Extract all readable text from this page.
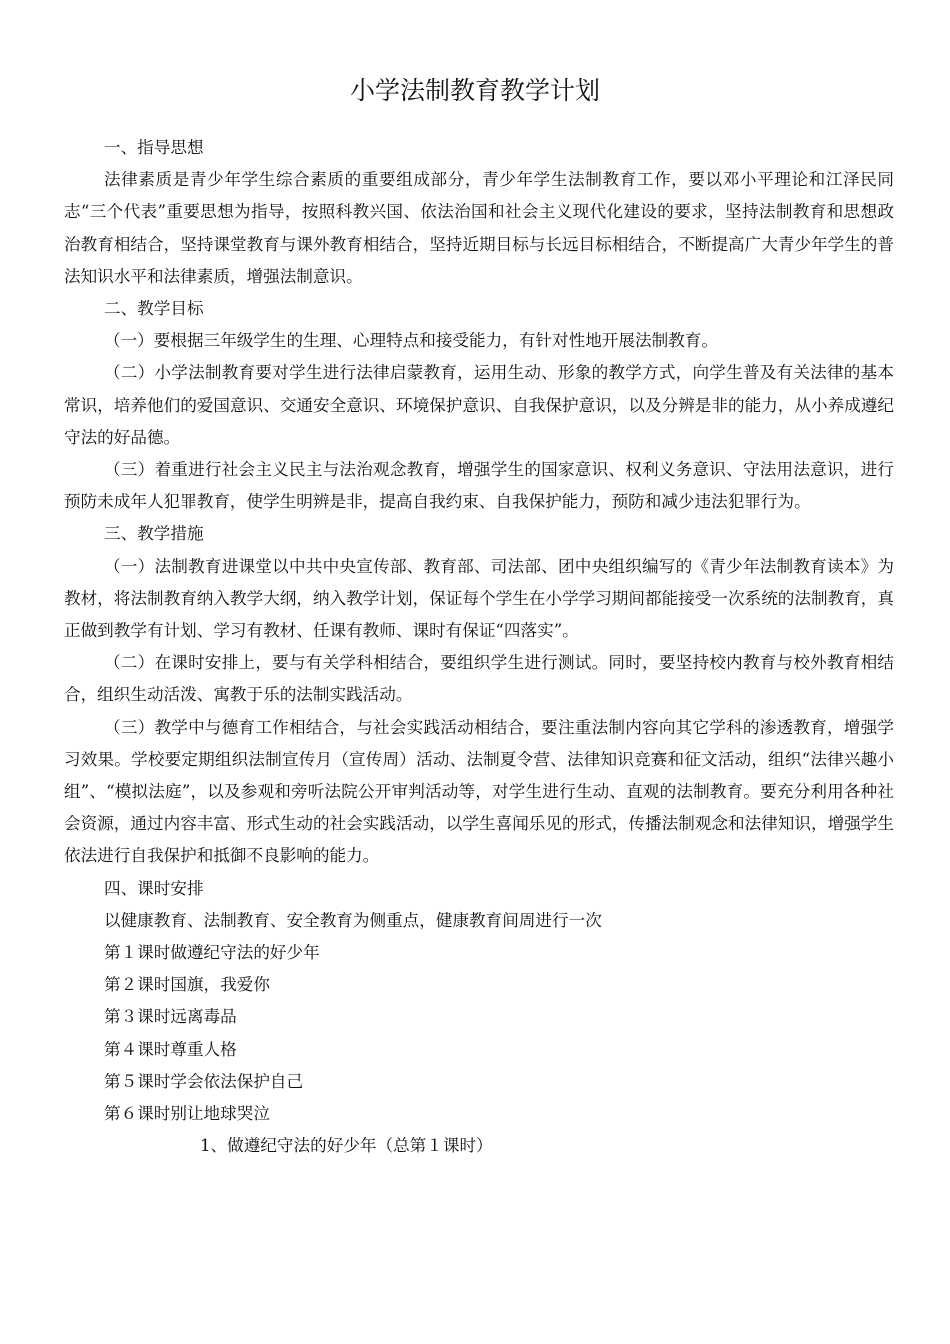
小学法制教育教学计划

一、指导思想

法律素质是青少年学生综合素质的重要组成部分，青少年学生法制教育工作，要以邓小平理论和江泽民同志“三个代表”重要思想为指导，按照科教兴国、依法治国和社会主义现代化建设的要求，坚持法制教育和思想政治教育相结合，坚持课堂教育与课外教育相结合，坚持近期目标与长远目标相结合，不断提高广大青少年学生的普法知识水平和法律素质，增强法制意识。

二、教学目标

（一）要根据三年级学生的生理、心理特点和接受能力，有针对性地开展法制教育。

（二）小学法制教育要对学生进行法律启蒙教育，运用生动、形象的教学方式，向学生普及有关法律的基本常识，培养他们的爱国意识、交通安全意识、环境保护意识、自我保护意识，以及分辨是非的能力，从小养成遵纪守法的好品德。

（三）着重进行社会主义民主与法治观念教育，增强学生的国家意识、权利义务意识、守法用法意识，进行预防未成年人犯罪教育，使学生明辨是非，提高自我约束、自我保护能力，预防和减少违法犯罪行为。

三、教学措施

（一）法制教育进课堂以中共中央宣传部、教育部、司法部、团中央组织编写的《青少年法制教育读本》为教材，将法制教育纳入教学大纲，纳入教学计划，保证每个学生在小学学习期间都能接受一次系统的法制教育，真正做到教学有计划、学习有教材、任课有教师、课时有保证“四落实”。

（二）在课时安排上，要与有关学科相结合，要组织学生进行测试。同时，要坚持校内教育与校外教育相结合，组织生动活泼、寓教于乐的法制实践活动。

（三）教学中与德育工作相结合，与社会实践活动相结合，要注重法制内容向其它学科的渗透教育，增强学习效果。学校要定期组织法制宣传月（宣传周）活动、法制夏令营、法律知识竞赛和征文活动，组织“法律兴趣小组”、“模拟法庭”，以及参观和旁听法院公开审判活动等，对学生进行生动、直观的法制教育。要充分利用各种社会资源，通过内容丰富、形式生动的社会实践活动，以学生喜闻乐见的形式，传播法制观念和法律知识，增强学生依法进行自我保护和抵御不良影响的能力。

四、课时安排

以健康教育、法制教育、安全教育为侧重点，健康教育间周进行一次

第１课时做遵纪守法的好少年

第２课时国旗，我爱你

第３课时远离毒品

第４课时尊重人格

第５课时学会依法保护自己

第６课时别让地球哭泣

1、做遵纪守法的好少年（总第１课时）
